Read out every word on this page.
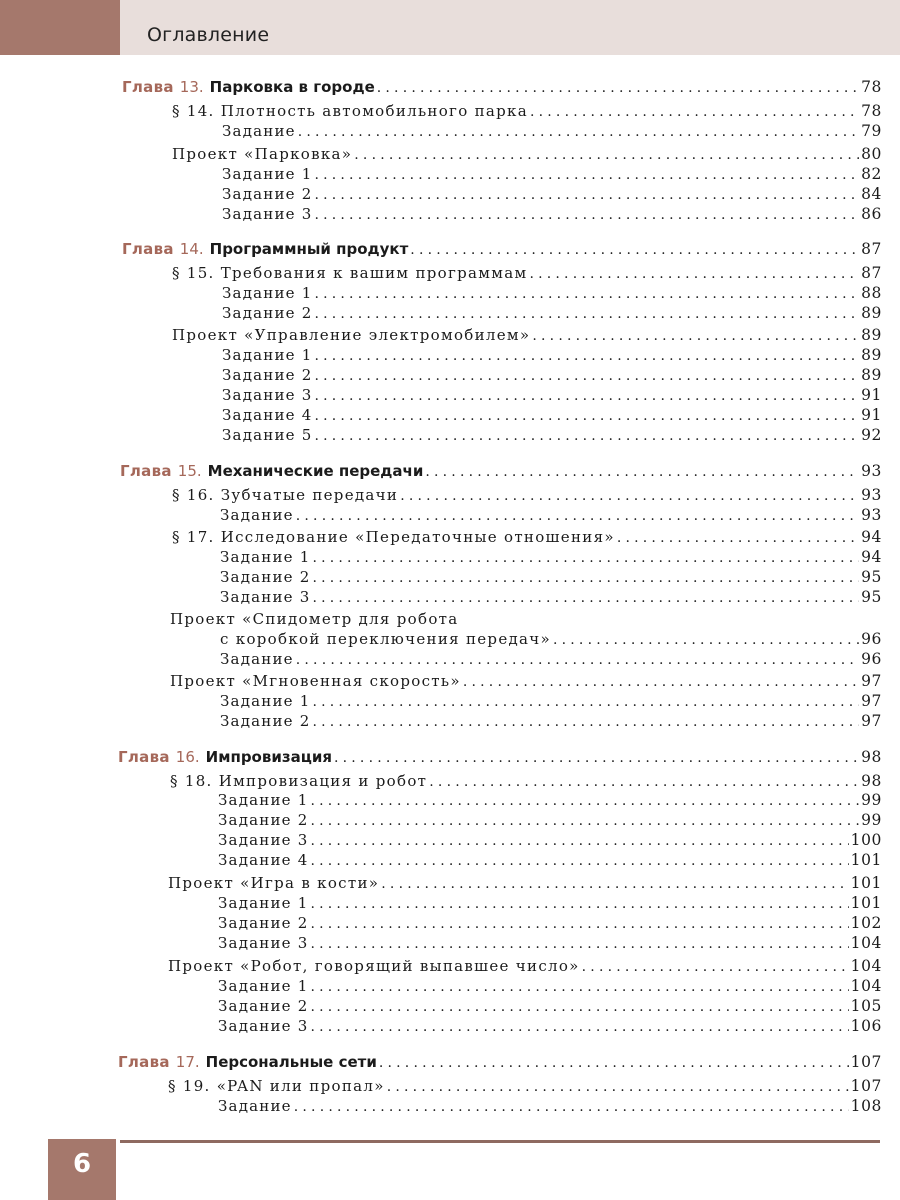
Оглавление
Глава 13. Парковка в городе .....	78
§ 14. Плотность автомобильного парка .....	78
Задание .....	79
Проект «Парковка» .....	80
Задание 1 .....	82
Задание 2 .....	84
Задание 3 .....	86
Глава 14. Программный продукт .....	87
§ 15. Требования к вашим программам .....	87
Задание 1 .....	88
Задание 2 .....	89
Проект «Управление электромобилем» .....	89
Задание 1 .....	89
Задание 2 .....	89
Задание 3 .....	91
Задание 4 .....	91
Задание 5 .....	92
Глава 15. Механические передачи .....	93
§ 16. Зубчатые передачи .....	93
Задание .....	93
§ 17. Исследование «Передаточные отношения» .....	94
Задание 1 .....	94
Задание 2 .....	95
Задание 3 .....	95
Проект «Спидометр для робота
с коробкой переключения передач» .....	96
Задание .....	96
Проект «Мгновенная скорость» .....	97
Задание 1 .....	97
Задание 2 .....	97
Глава 16. Импровизация .....	98
§ 18. Импровизация и робот .....	98
Задание 1 .....	99
Задание 2 .....	99
Задание 3 .....	100
Задание 4 .....	101
Проект «Игра в кости» .....	101
Задание 1 .....	101
Задание 2 .....	102
Задание 3 .....	104
Проект «Робот, говорящий выпавшее число» .....	104
Задание 1 .....	104
Задание 2 .....	105
Задание 3 .....	106
Глава 17. Персональные сети .....	107
§ 19. «PAN или пропал» .....	107
Задание .....	108
6
